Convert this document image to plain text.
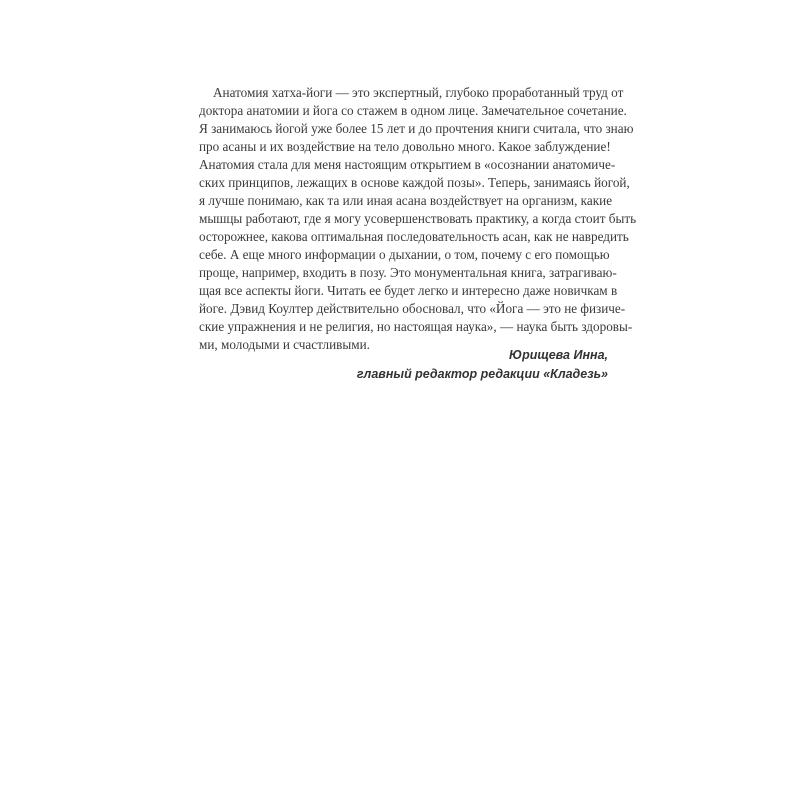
Анатомия хатха-йоги — это экспертный, глубоко проработанный труд от
доктора анатомии и йога со стажем в одном лице. Замечательное сочетание.
Я занимаюсь йогой уже более 15 лет и до прочтения книги считала, что знаю
про асаны и их воздействие на тело довольно много. Какое заблуждение!
Анатомия стала для меня настоящим открытием в «осознании анатомиче-
ских принципов, лежащих в основе каждой позы». Теперь, занимаясь йогой,
я лучше понимаю, как та или иная асана воздействует на организм, какие
мышцы работают, где я могу усовершенствовать практику, а когда стоит быть
осторожнее, какова оптимальная последовательность асан, как не навредить
себе. А еще много информации о дыхании, о том, почему с его помощью
проще, например, входить в позу. Это монументальная книга, затрагиваю-
щая все аспекты йоги. Читать ее будет легко и интересно даже новичкам в
йоге. Дэвид Коултер действительно обосновал, что «Йога — это не физиче-
ские упражнения и не религия, но настоящая наука», — наука быть здоровы-
ми, молодыми и счастливыми.
Юрищева Инна,
главный редактор редакции «Кладезь»
